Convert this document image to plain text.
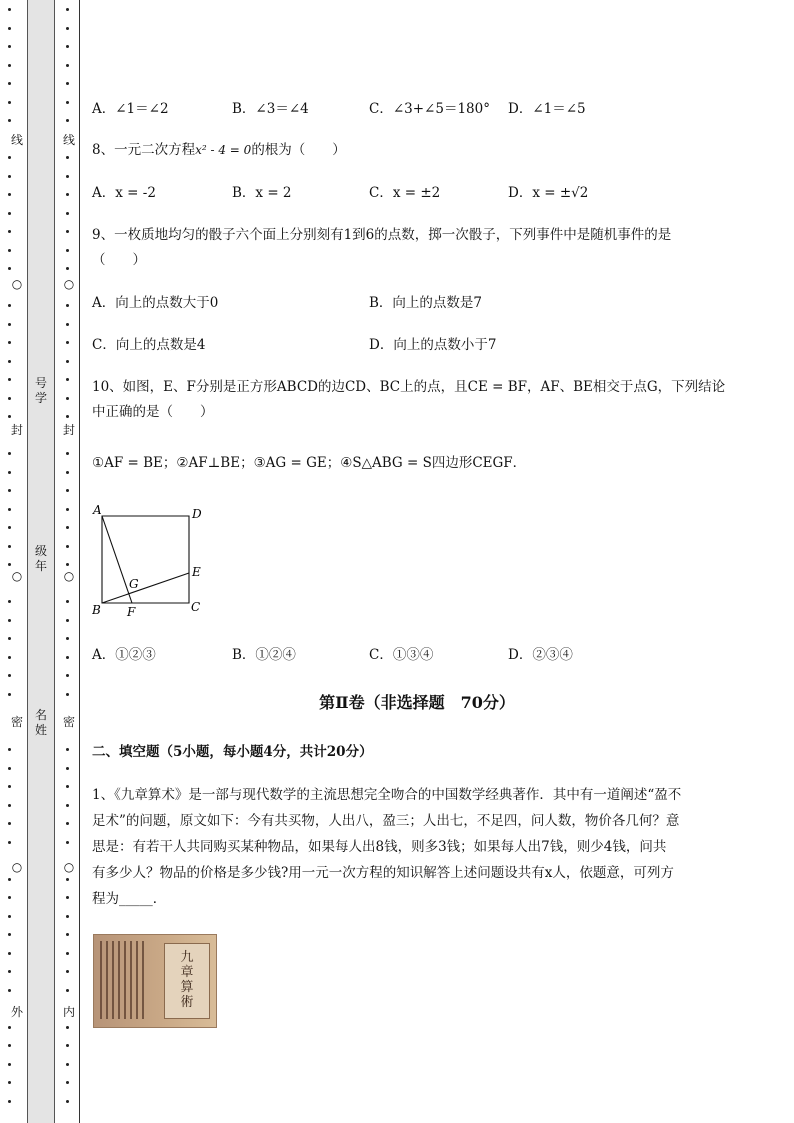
线
封
密
外
线
封
密
内
○
○
○
○
○
○
号学
级年
名姓
A．∠1＝∠2	B．∠3＝∠4	C．∠3+∠5＝180° D．∠1＝∠5
8、一元二次方程x² - 4 = 0的根为（　　）
A．x = -2	B．x = 2	C．x = ±2	D．x = ±√2
9、一枚质地均匀的骰子六个面上分别刻有1到6的点数，掷一次骰子，下列事件中是随机事件的是
（　　）
A．向上的点数大于0	B．向上的点数是7
C．向上的点数是4	D．向上的点数小于7
10、如图，E、F分别是正方形ABCD的边CD、BC上的点，且CE = BF，AF、BE相交于点G，下列结论
中正确的是（　　）
①AF = BE；②AF⊥BE；③AG = GE；④S△ABG = S四边形CEGF．
A	D
E
B F
G
C
A．①②③	B．①②④	C．①③④	D．②③④
第Ⅱ卷（非选择题　70分）
二、填空题（5小题，每小题4分，共计20分）
1、《九章算术》是一部与现代数学的主流思想完全吻合的中国数学经典著作．其中有一道阐述“盈不
足术”的问题，原文如下：今有共买物，人出八，盈三；人出七，不足四，问人数，物价各几何？意
思是：有若干人共同购买某种物品，如果每人出8钱，则多3钱；如果每人出7钱，则少4钱，问共
有多少人？物品的价格是多少钱?用一元一次方程的知识解答上述问题设共有x人，依题意，可列方
程为_____．
九章算術
